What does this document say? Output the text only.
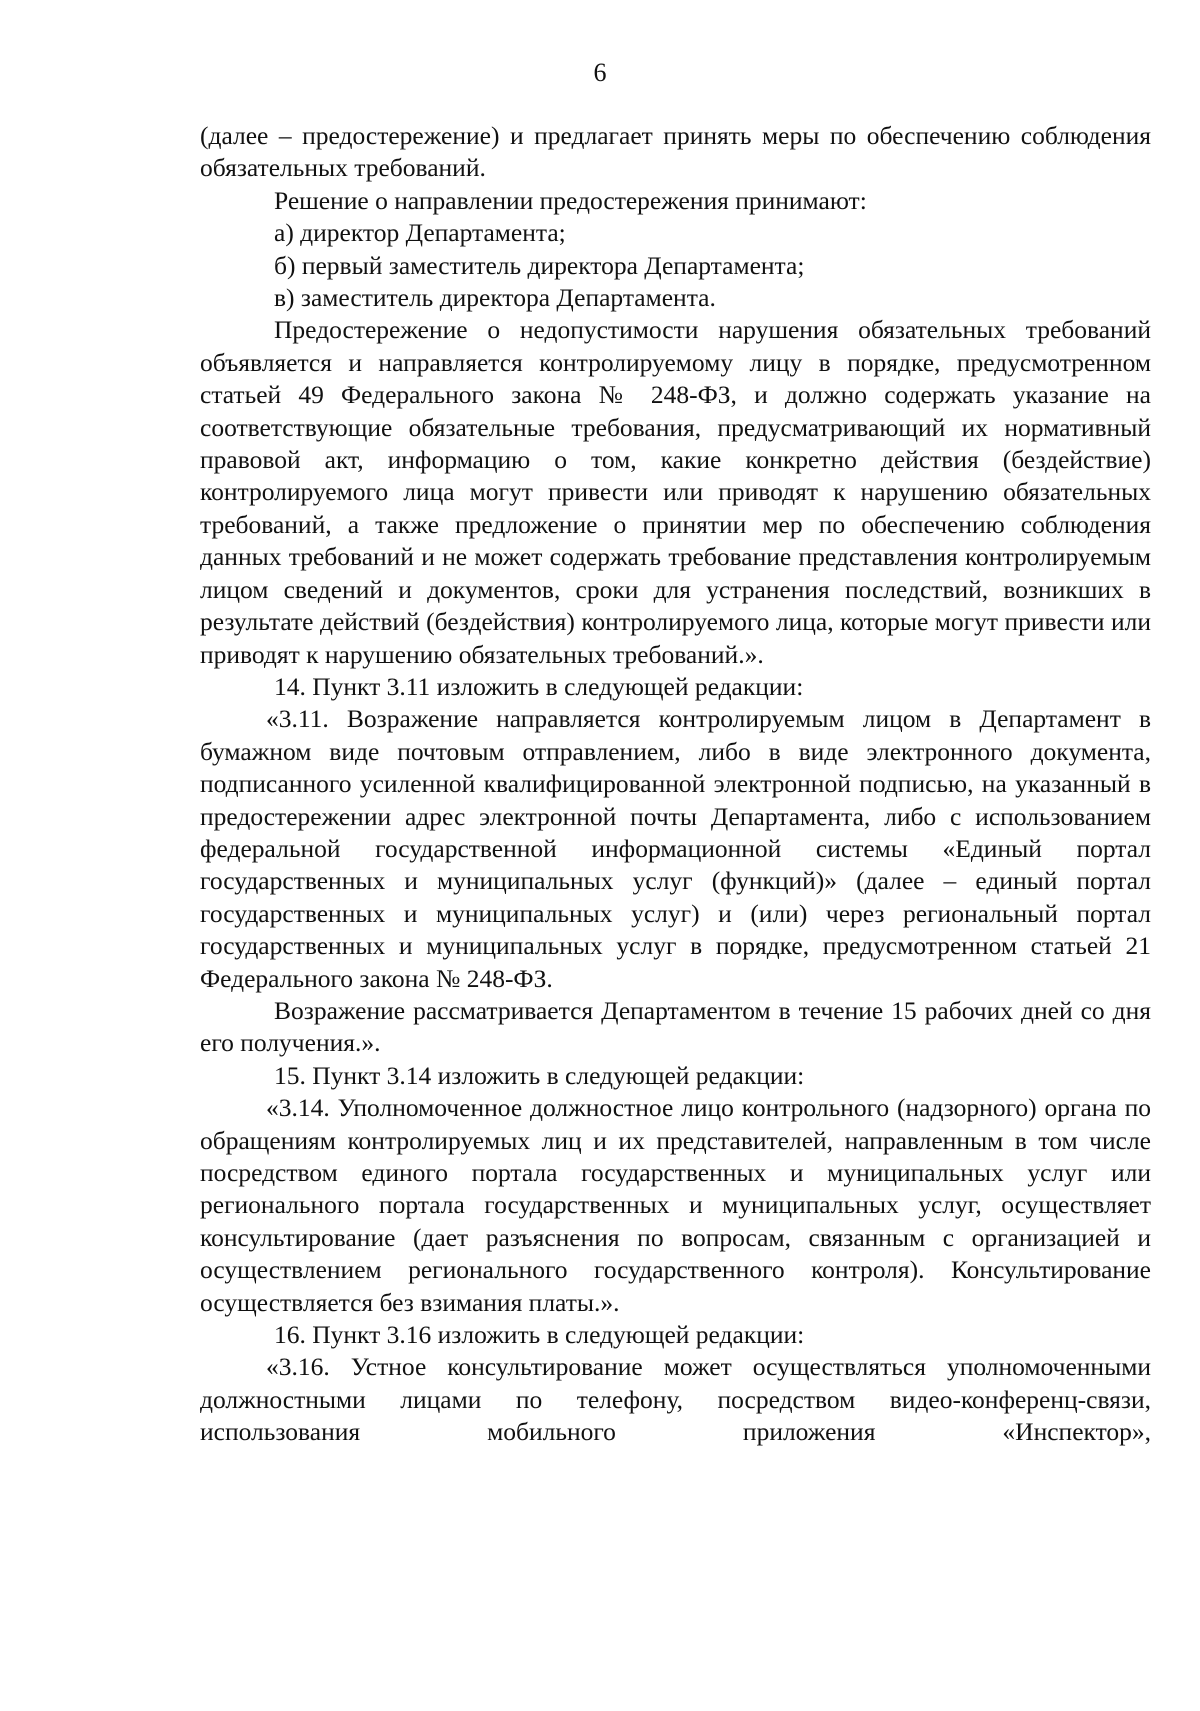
6

(далее – предостережение) и предлагает принять меры по обеспечению соблюдения обязательных требований.

Решение о направлении предостережения принимают:

а) директор Департамента;

б) первый заместитель директора Департамента;

в) заместитель директора Департамента.

Предостережение о недопустимости нарушения обязательных требований объявляется и направляется контролируемому лицу в порядке, предусмотренном статьей 49 Федерального закона № 248-ФЗ, и должно содержать указание на соответствующие обязательные требования, предусматривающий их нормативный правовой акт, информацию о том, какие конкретно действия (бездействие) контролируемого лица могут привести или приводят к нарушению обязательных требований, а также предложение о принятии мер по обеспечению соблюдения данных требований и не может содержать требование представления контролируемым лицом сведений и документов, сроки для устранения последствий, возникших в результате действий (бездействия) контролируемого лица, которые могут привести или приводят к нарушению обязательных требований.».

14. Пункт 3.11 изложить в следующей редакции:

«3.11. Возражение направляется контролируемым лицом в Департамент в бумажном виде почтовым отправлением, либо в виде электронного документа, подписанного усиленной квалифицированной электронной подписью, на указанный в предостережении адрес электронной почты Департамента, либо с использованием федеральной государственной информационной системы «Единый портал государственных и муниципальных услуг (функций)» (далее – единый портал государственных и муниципальных услуг) и (или) через региональный портал государственных и муниципальных услуг в порядке, предусмотренном статьей 21 Федерального закона № 248-ФЗ.

Возражение рассматривается Департаментом в течение 15 рабочих дней со дня его получения.».

15. Пункт 3.14 изложить в следующей редакции:

«3.14. Уполномоченное должностное лицо контрольного (надзорного) органа по обращениям контролируемых лиц и их представителей, направленным в том числе посредством единого портала государственных и муниципальных услуг или регионального портала государственных и муниципальных услуг, осуществляет консультирование (дает разъяснения по вопросам, связанным с организацией и осуществлением регионального государственного контроля). Консультирование осуществляется без взимания платы.».

16. Пункт 3.16 изложить в следующей редакции:

«3.16. Устное консультирование может осуществляться уполномоченными должностными лицами по телефону, посредством видео-конференц-связи, использования мобильного приложения «Инспектор»,
